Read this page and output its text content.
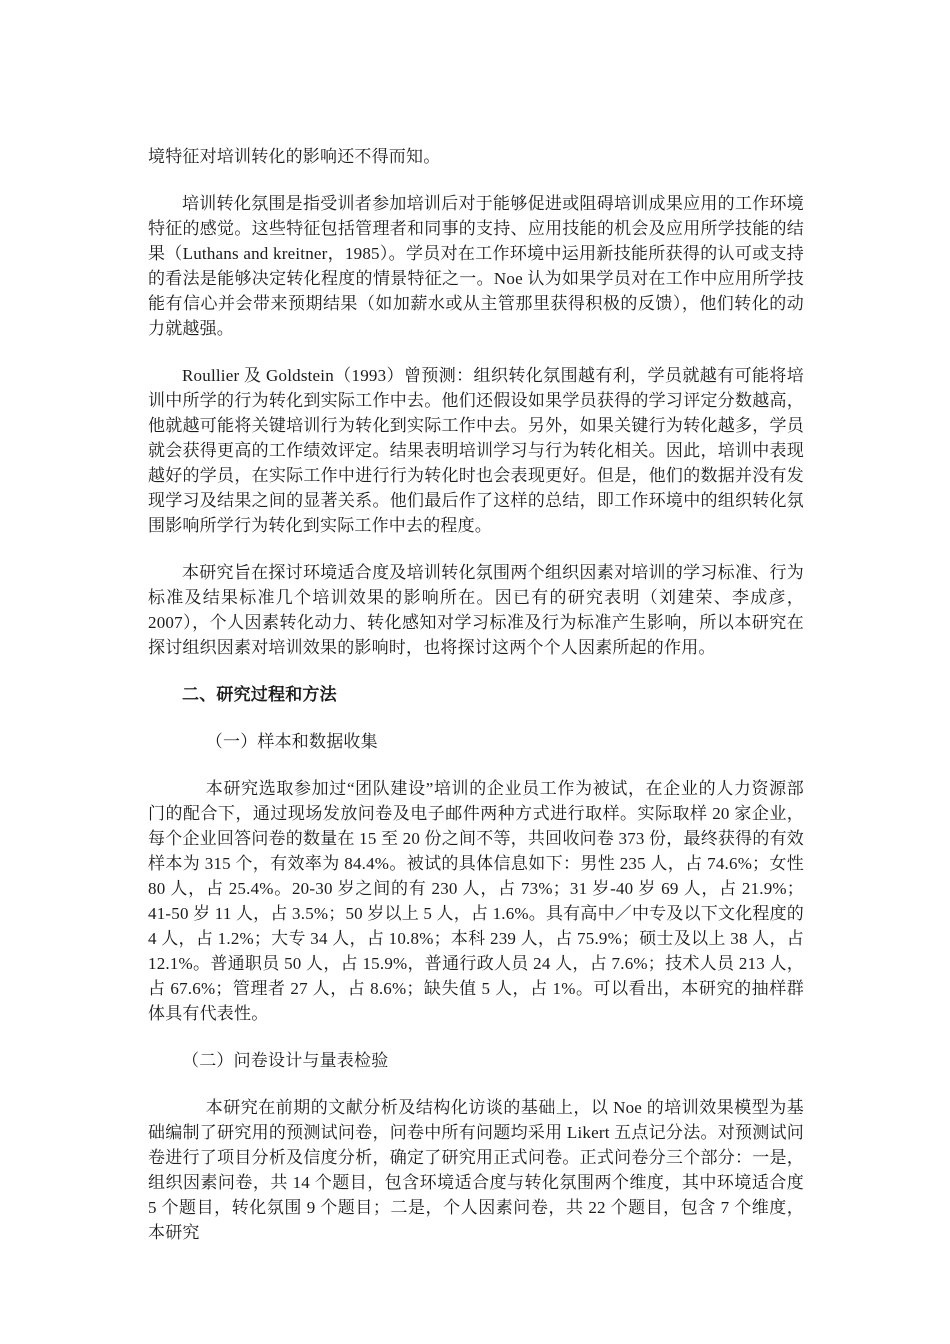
境特征对培训转化的影响还不得而知。

培训转化氛围是指受训者参加培训后对于能够促进或阻碍培训成果应用的工作环境特征的感觉。这些特征包括管理者和同事的支持、应用技能的机会及应用所学技能的结果（Luthans and kreitner，1985）。学员对在工作环境中运用新技能所获得的认可或支持的看法是能够决定转化程度的情景特征之一。Noe 认为如果学员对在工作中应用所学技能有信心并会带来预期结果（如加薪水或从主管那里获得积极的反馈），他们转化的动力就越强。

Roullier 及 Goldstein（1993）曾预测：组织转化氛围越有利，学员就越有可能将培训中所学的行为转化到实际工作中去。他们还假设如果学员获得的学习评定分数越高，他就越可能将关键培训行为转化到实际工作中去。另外，如果关键行为转化越多，学员就会获得更高的工作绩效评定。结果表明培训学习与行为转化相关。因此，培训中表现越好的学员，在实际工作中进行行为转化时也会表现更好。但是，他们的数据并没有发现学习及结果之间的显著关系。他们最后作了这样的总结，即工作环境中的组织转化氛围影响所学行为转化到实际工作中去的程度。

本研究旨在探讨环境适合度及培训转化氛围两个组织因素对培训的学习标准、行为标准及结果标准几个培训效果的影响所在。因已有的研究表明（刘建荣、李成彦，2007），个人因素转化动力、转化感知对学习标准及行为标准产生影响，所以本研究在探讨组织因素对培训效果的影响时，也将探讨这两个个人因素所起的作用。

二、研究过程和方法

（一）样本和数据收集

本研究选取参加过“团队建设”培训的企业员工作为被试，在企业的人力资源部门的配合下，通过现场发放问卷及电子邮件两种方式进行取样。实际取样 20 家企业，每个企业回答问卷的数量在 15 至 20 份之间不等，共回收问卷 373 份，最终获得的有效样本为 315 个，有效率为 84.4%。被试的具体信息如下：男性 235 人，占 74.6%；女性 80 人，占 25.4%。20-30 岁之间的有 230 人，占 73%；31 岁-40 岁 69 人，占 21.9%；41-50 岁 11 人，占 3.5%；50 岁以上 5 人，占 1.6%。具有高中／中专及以下文化程度的 4 人，占 1.2%；大专 34 人，占 10.8%；本科 239 人，占 75.9%；硕士及以上 38 人，占 12.1%。普通职员 50 人，占 15.9%，普通行政人员 24 人，占 7.6%；技术人员 213 人，占 67.6%；管理者 27 人，占 8.6%；缺失值 5 人，占 1%。可以看出，本研究的抽样群体具有代表性。

（二）问卷设计与量表检验

本研究在前期的文献分析及结构化访谈的基础上，以 Noe 的培训效果模型为基础编制了研究用的预测试问卷，问卷中所有问题均采用 Likert 五点记分法。对预测试问卷进行了项目分析及信度分析，确定了研究用正式问卷。正式问卷分三个部分：一是，组织因素问卷，共 14 个题目，包含环境适合度与转化氛围两个维度，其中环境适合度 5 个题目，转化氛围 9 个题目；二是，个人因素问卷，共 22 个题目，包含 7 个维度，本研究
